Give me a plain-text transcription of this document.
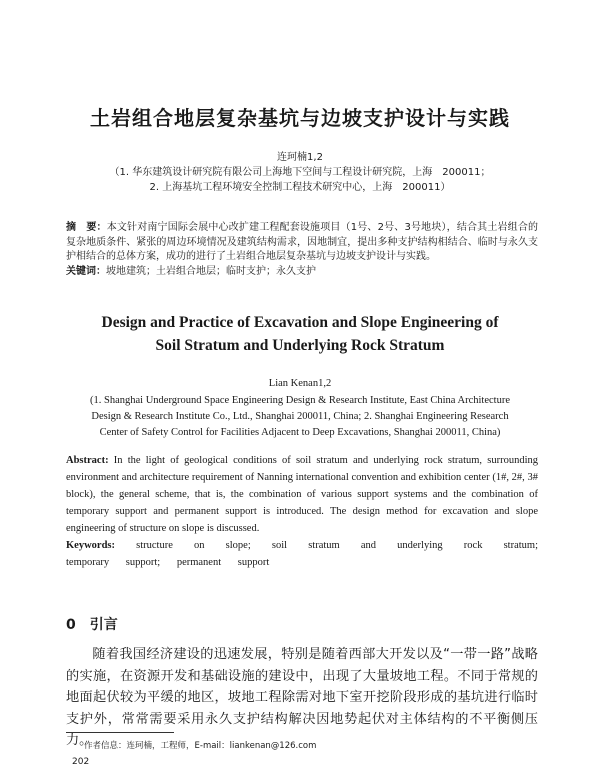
土岩组合地层复杂基坑与边坡支护设计与实践
连珂楠1,2
（1. 华东建筑设计研究院有限公司上海地下空间与工程设计研究院，上海　200011；
2. 上海基坑工程环境安全控制工程技术研究中心，上海　200011）
摘　要：本文针对南宁国际会展中心改扩建工程配套设施项目（1号、2号、3号地块），结合其土岩组合的复杂地质条件、紧张的周边环境情况及建筑结构需求，因地制宜，提出多种支护结构相结合、临时与永久支护相结合的总体方案，成功的进行了土岩组合地层复杂基坑与边坡支护设计与实践。
关键词：坡地建筑；土岩组合地层；临时支护；永久支护
Design and Practice of Excavation and Slope Engineering of
Soil Stratum and Underlying Rock Stratum
Lian Kenan1,2
(1. Shanghai Underground Space Engineering Design & Research Institute, East China Architecture
Design & Research Institute Co., Ltd., Shanghai 200011, China; 2. Shanghai Engineering Research
Center of Safety Control for Facilities Adjacent to Deep Excavations, Shanghai 200011, China)
Abstract: In the light of geological conditions of soil stratum and underlying rock stratum, surrounding environment and architecture requirement of Nanning international convention and exhibition center (1#, 2#, 3# block), the general scheme, that is, the combination of various support systems and the combination of temporary support and permanent support is introduced. The design method for excavation and slope engineering of structure on slope is discussed.
Keywords: structure on slope; soil stratum and underlying rock stratum; temporary support; permanent support
0　引言
随着我国经济建设的迅速发展，特别是随着西部大开发以及“一带一路”战略的实施，在资源开发和基础设施的建设中，出现了大量坡地工程。不同于常规的地面起伏较为平缓的地区，坡地工程除需对地下室开挖阶段形成的基坑进行临时支护外，常常需要采用永久支护结构解决因地势起伏对主体结构的不平衡侧压力。
作者信息：连珂楠，工程师，E-mail：liankenan@126.com
202
